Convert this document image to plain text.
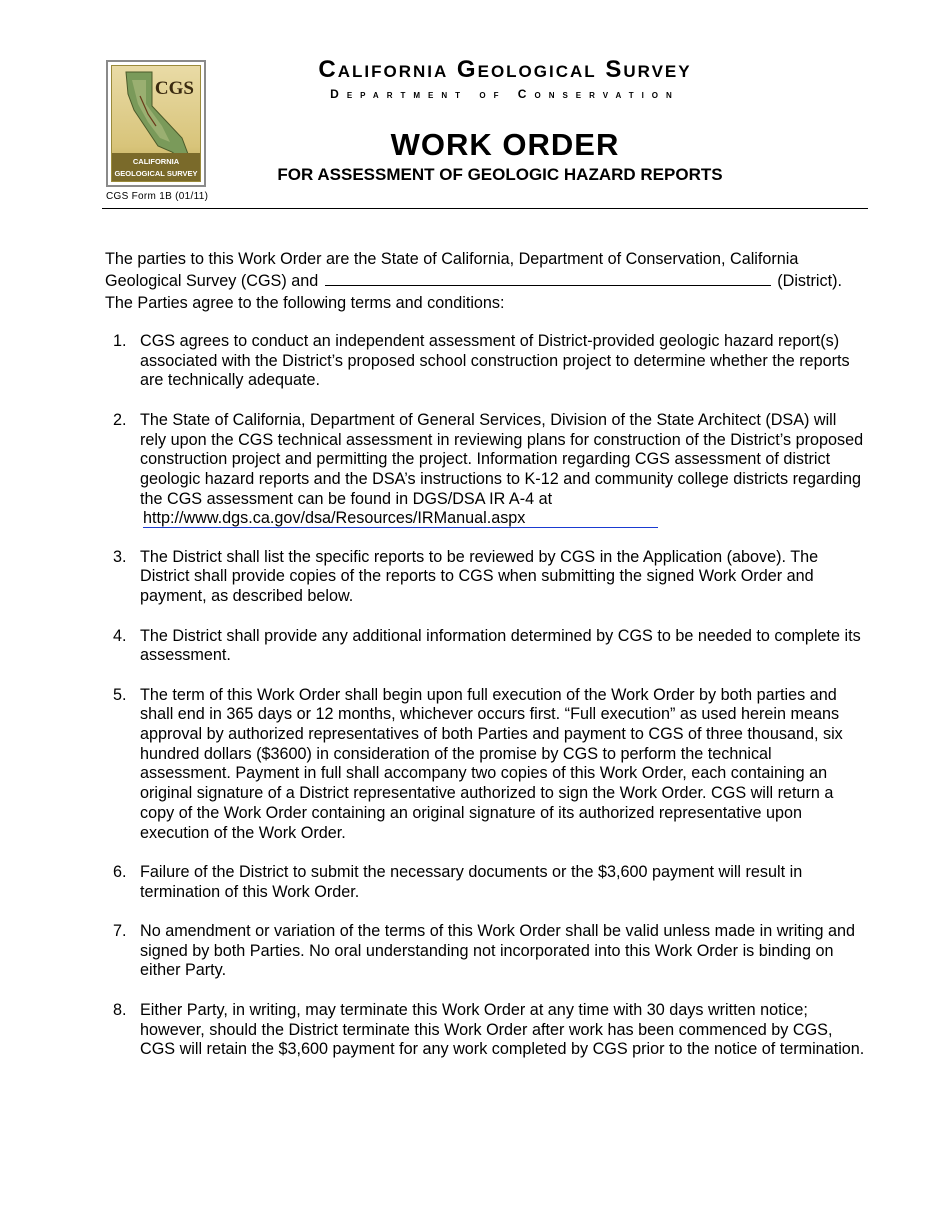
CGS
CALIFORNIA
GEOLOGICAL SURVEY
CGS Form 1B (01/11)
California Geological Survey
Department of Conservation
WORK ORDER
FOR ASSESSMENT OF GEOLOGIC HAZARD REPORTS
The parties to this Work Order are the State of California, Department of Conservation, California
Geological Survey (CGS) and	(District).
The Parties agree to the following terms and conditions:
1. CGS agrees to conduct an independent assessment of District-provided geologic hazard report(s) associated with the District’s proposed school construction project to determine whether the reports are technically adequate.
2. The State of California, Department of General Services, Division of the State Architect (DSA) will rely upon the CGS technical assessment in reviewing plans for construction of the District’s proposed construction project and permitting the project. Information regarding CGS assessment of district geologic hazard reports and the DSA’s instructions to K-12 and community college districts regarding the CGS assessment can be found in DGS/DSA IR A-4 at
http://www.dgs.ca.gov/dsa/Resources/IRManual.aspx
3. The District shall list the specific reports to be reviewed by CGS in the Application (above). The District shall provide copies of the reports to CGS when submitting the signed Work Order and payment, as described below.
4. The District shall provide any additional information determined by CGS to be needed to complete its assessment.
5. The term of this Work Order shall begin upon full execution of the Work Order by both parties and shall end in 365 days or 12 months, whichever occurs first. “Full execution” as used herein means approval by authorized representatives of both Parties and payment to CGS of three thousand, six hundred dollars ($3600) in consideration of the promise by CGS to perform the technical assessment. Payment in full shall accompany two copies of this Work Order, each containing an original signature of a District representative authorized to sign the Work Order. CGS will return a copy of the Work Order containing an original signature of its authorized representative upon execution of the Work Order.
6. Failure of the District to submit the necessary documents or the $3,600 payment will result in termination of this Work Order.
7. No amendment or variation of the terms of this Work Order shall be valid unless made in writing and signed by both Parties. No oral understanding not incorporated into this Work Order is binding on either Party.
8. Either Party, in writing, may terminate this Work Order at any time with 30 days written notice; however, should the District terminate this Work Order after work has been commenced by CGS, CGS will retain the $3,600 payment for any work completed by CGS prior to the notice of termination.
